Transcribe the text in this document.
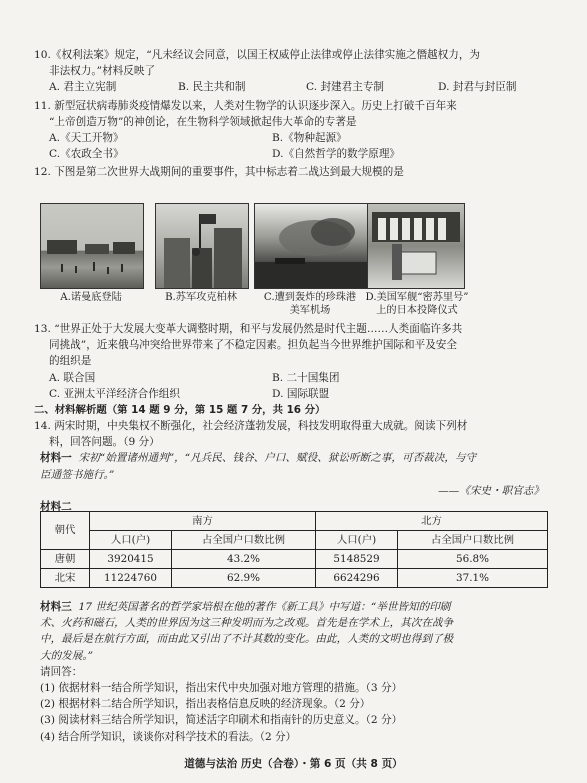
10.《权利法案》规定，“凡未经议会同意，以国王权威停止法律或停止法律实施之僭越权力，为
非法权力。”材料反映了
A. 君主立宪制	B. 民主共和制	C. 封建君主专制	D. 封君与封臣制
11. 新型冠状病毒肺炎疫情爆发以来，人类对生物学的认识逐步深入。历史上打破千百年来
“上帝创造万物”的神创论，在生物科学领域掀起伟大革命的专著是
A.《天工开物》	B.《物种起源》
C.《农政全书》	D.《自然哲学的数学原理》
12. 下图是第二次世界大战期间的重要事件，其中标志着二战达到最大规模的是
A.诺曼底登陆	B.苏军攻克柏林	C.遭到轰炸的珍珠港
美军机场
D.美国军舰“密苏里号”
上的日本投降仪式
13. “世界正处于大发展大变革大调整时期，和平与发展仍然是时代主题……人类面临许多共
同挑战”，近来俄乌冲突给世界带来了不稳定因素。担负起当今世界维护国际和平及安全
的组织是
A. 联合国	B. 二十国集团
C. 亚洲太平洋经济合作组织	D. 国际联盟
二、材料解析题（第 14 题 9 分，第 15 题 7 分，共 16 分）
14. 两宋时期，中央集权不断强化，社会经济蓬勃发展，科技发明取得重大成就。阅读下列材
料，回答问题。（9 分）
材料一 宋初“始置诸州通判”，“凡兵民、钱谷、户口、赋役、狱讼听断之事，可否裁决，与守
臣通签书施行。”
——《宋史・职官志》
材料二
朝代	南方		北方	
	人口(户)	占全国户口数比例	人口(户)	占全国户口数比例
唐朝	3920415	43.2%	5148529	56.8%
北宋	11224760	62.9%	6624296	37.1%
材料三 17 世纪英国著名的哲学家培根在他的著作《新工具》中写道：“举世皆知的印刷
术、火药和磁石，人类的世界因为这三种发明而为之改观。首先是在学术上，其次在战争
中，最后是在航行方面，而由此又引出了不计其数的变化。由此，人类的文明也得到了极
大的发展。”
请回答：
(1) 依据材料一结合所学知识，指出宋代中央加强对地方管理的措施。（3 分）
(2) 根据材料二结合所学知识，指出表格信息反映的经济现象。（2 分）
(3) 阅读材料三结合所学知识，简述活字印刷术和指南针的历史意义。（2 分）
(4) 结合所学知识，谈谈你对科学技术的看法。（2 分）
道德与法治 历史（合卷）・第 6 页（共 8 页）
